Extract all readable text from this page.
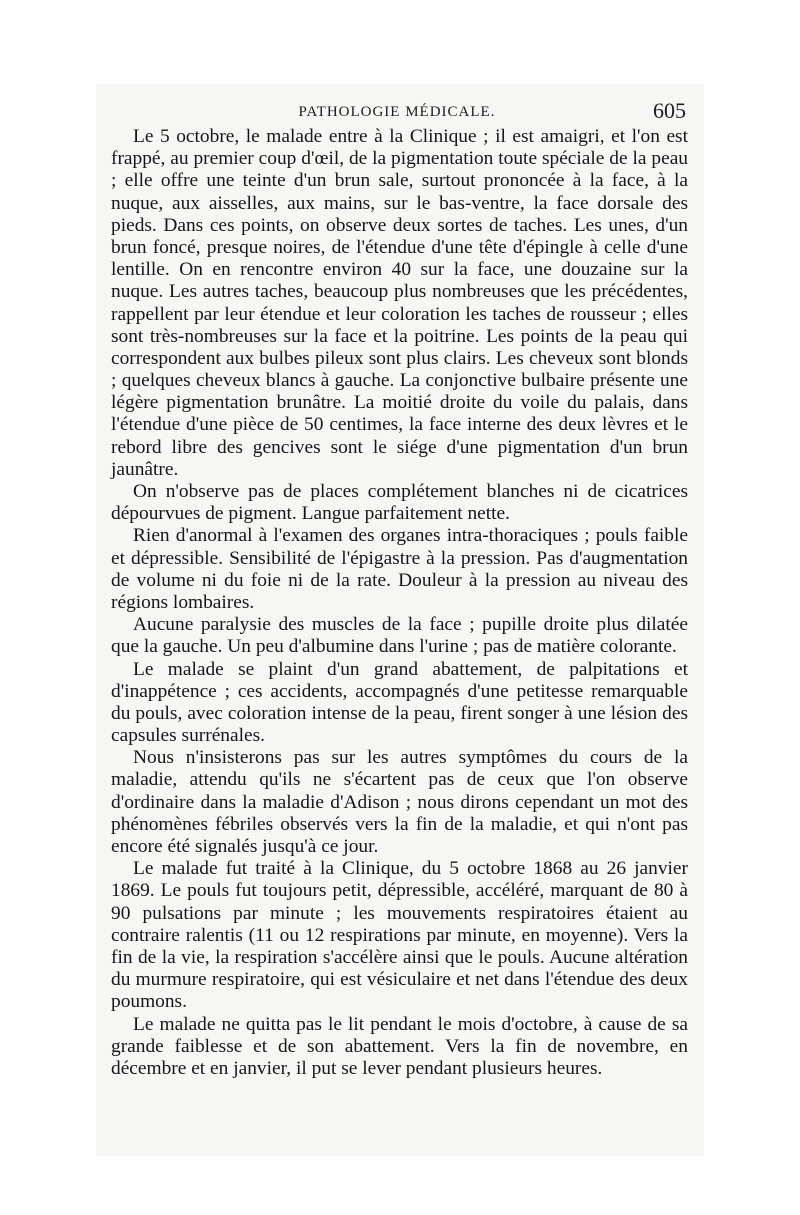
PATHOLOGIE MÉDICALE.	605

Le 5 octobre, le malade entre à la Clinique ; il est amaigri, et l'on est frappé, au premier coup d'œil, de la pigmentation toute spéciale de la peau ; elle offre une teinte d'un brun sale, surtout prononcée à la face, à la nuque, aux aisselles, aux mains, sur le bas-ventre, la face dorsale des pieds. Dans ces points, on observe deux sortes de taches. Les unes, d'un brun foncé, presque noires, de l'étendue d'une tête d'épingle à celle d'une lentille. On en rencontre environ 40 sur la face, une douzaine sur la nuque. Les autres taches, beaucoup plus nombreuses que les précédentes, rappellent par leur étendue et leur coloration les taches de rousseur ; elles sont très-nombreuses sur la face et la poitrine. Les points de la peau qui correspondent aux bulbes pileux sont plus clairs. Les cheveux sont blonds ; quelques cheveux blancs à gauche. La conjonctive bulbaire présente une légère pigmentation brunâtre. La moitié droite du voile du palais, dans l'étendue d'une pièce de 50 centimes, la face interne des deux lèvres et le rebord libre des gencives sont le siége d'une pigmentation d'un brun jaunâtre.

On n'observe pas de places complétement blanches ni de cicatrices dépourvues de pigment. Langue parfaitement nette.

Rien d'anormal à l'examen des organes intra-thoraciques ; pouls faible et dépressible. Sensibilité de l'épigastre à la pression. Pas d'augmentation de volume ni du foie ni de la rate. Douleur à la pression au niveau des régions lombaires.

Aucune paralysie des muscles de la face ; pupille droite plus dilatée que la gauche. Un peu d'albumine dans l'urine ; pas de matière colorante.

Le malade se plaint d'un grand abattement, de palpitations et d'inappétence ; ces accidents, accompagnés d'une petitesse remarquable du pouls, avec coloration intense de la peau, firent songer à une lésion des capsules surrénales.

Nous n'insisterons pas sur les autres symptômes du cours de la maladie, attendu qu'ils ne s'écartent pas de ceux que l'on observe d'ordinaire dans la maladie d'Adison ; nous dirons cependant un mot des phénomènes fébriles observés vers la fin de la maladie, et qui n'ont pas encore été signalés jusqu'à ce jour.

Le malade fut traité à la Clinique, du 5 octobre 1868 au 26 janvier 1869. Le pouls fut toujours petit, dépressible, accéléré, marquant de 80 à 90 pulsations par minute ; les mouvements respiratoires étaient au contraire ralentis (11 ou 12 respirations par minute, en moyenne). Vers la fin de la vie, la respiration s'accélère ainsi que le pouls. Aucune altération du murmure respiratoire, qui est vésiculaire et net dans l'étendue des deux poumons.

Le malade ne quitta pas le lit pendant le mois d'octobre, à cause de sa grande faiblesse et de son abattement. Vers la fin de novembre, en décembre et en janvier, il put se lever pendant plusieurs heures.
